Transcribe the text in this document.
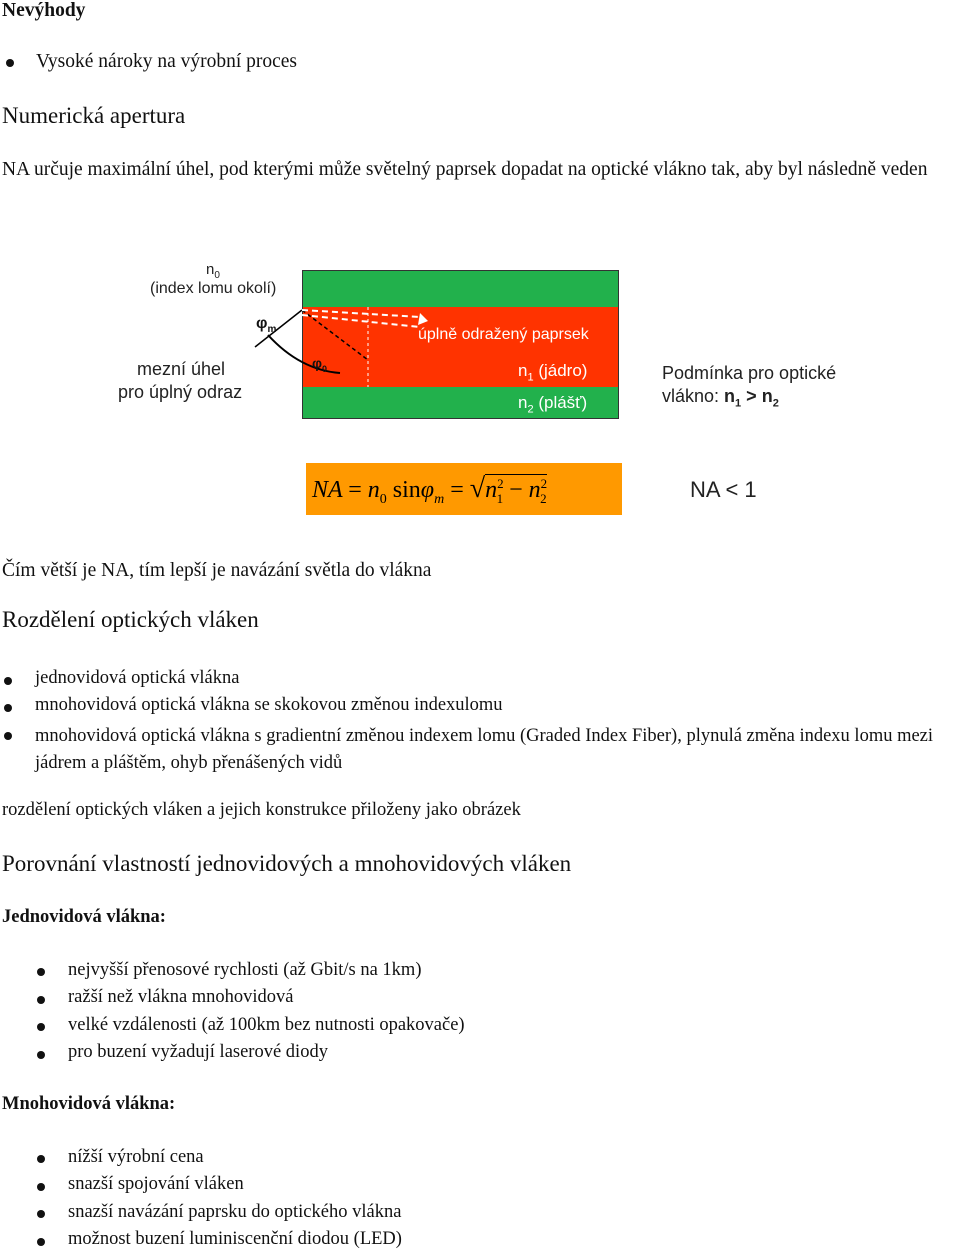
Nevýhody
Vysoké nároky na výrobní proces
Numerická apertura
NA určuje maximální úhel, pod kterými může světelný paprsek dopadat na optické vlákno tak, aby byl následně veden
$n_0$
(index lomu okolí)
$\varphi_m$
$\varphi_0$
mezní úhel
pro úplný odraz
úplně odražený paprsek
$n_1$ (jádro)
$n_2$ (plášť)
Podmínka pro optické
vlákno: $n_1 > n_2$
NA = $n_0$ $\sin\varphi_m = √n^2_1 - n^2_2$	NA < 1
Čím větší je NA, tím lepší je navázání světla do vlákna
Rozdělení optických vláken
jednovidová optická vlákna
mnohovidová optická vlákna se skokovou změnou indexulomu
mnohovidová optická vlákna s gradientní změnou indexem lomu (Graded Index Fiber), plynulá změna indexu lomu mezi jádrem a pláštěm, ohyb přenášených vidů
rozdělení optických vláken a jejich konstrukce přiloženy jako obrázek
Porovnání vlastností jednovidových a mnohovidových vláken
Jednovidová vlákna:
nejvyšší přenosové rychlosti (až Gbit/s na 1km)
ražší než vlákna mnohovidová
velké vzdálenosti (až 100km bez nutnosti opakovače)
pro buzení vyžadují laserové diody
Mnohovidová vlákna:
nížší výrobní cena
snazší spojování vláken
snazší navázání paprsku do optického vlákna
možnost buzení luminiscenční diodou (LED)
